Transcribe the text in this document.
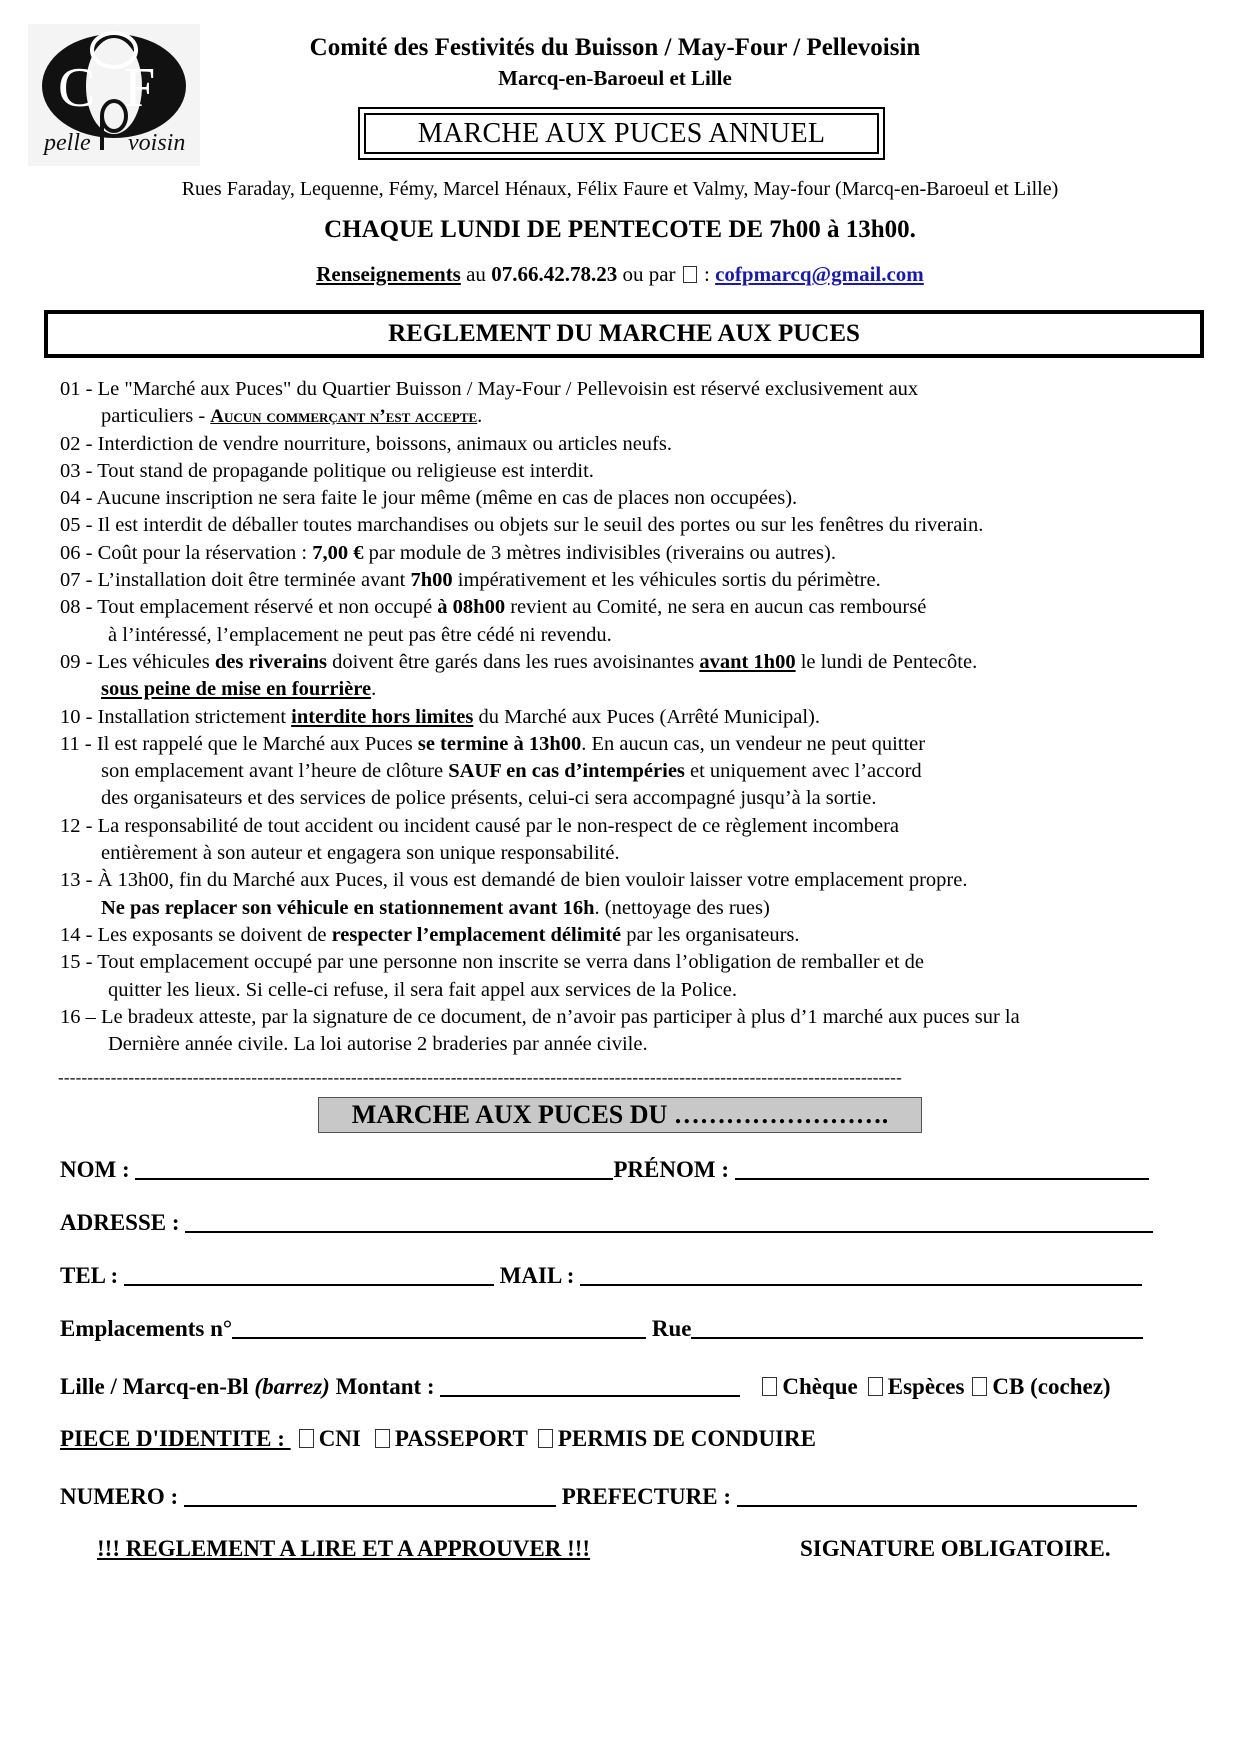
C F
pelle voisin
Comité des Festivités du Buisson / May-Four / Pellevoisin
Marcq-en-Baroeul et Lille
MARCHE AUX PUCES ANNUEL
Rues Faraday, Lequenne, Fémy, Marcel Hénaux, Félix Faure et Valmy, May-four (Marcq-en-Baroeul et Lille)
CHAQUE LUNDI DE PENTECOTE DE 7h00 à 13h00.
Renseignements au 07.66.42.78.23 ou par  : cofpmarcq@gmail.com
REGLEMENT DU MARCHE AUX PUCES
01 - Le "Marché aux Puces" du Quartier Buisson / May-Four / Pellevoisin est réservé exclusivement aux
particuliers - Aucun commerçant n’est accepte.
02 - Interdiction de vendre nourriture, boissons, animaux ou articles neufs.
03 - Tout stand de propagande politique ou religieuse est interdit.
04 - Aucune inscription ne sera faite le jour même (même en cas de places non occupées).
05 - Il est interdit de déballer toutes marchandises ou objets sur le seuil des portes ou sur les fenêtres du riverain.
06 - Coût pour la réservation : 7,00 € par module de 3 mètres indivisibles (riverains ou autres).
07 - L’installation doit être terminée avant 7h00 impérativement et les véhicules sortis du périmètre.
08 - Tout emplacement réservé et non occupé à 08h00 revient au Comité, ne sera en aucun cas remboursé
à l’intéressé, l’emplacement ne peut pas être cédé ni revendu.
09 - Les véhicules des riverains doivent être garés dans les rues avoisinantes avant 1h00 le lundi de Pentecôte.
sous peine de mise en fourrière.
10 - Installation strictement interdite hors limites du Marché aux Puces (Arrêté Municipal).
11 - Il est rappelé que le Marché aux Puces se termine à 13h00. En aucun cas, un vendeur ne peut quitter
son emplacement avant l’heure de clôture SAUF en cas d’intempéries et uniquement avec l’accord
des organisateurs et des services de police présents, celui-ci sera accompagné jusqu’à la sortie.
12 - La responsabilité de tout accident ou incident causé par le non-respect de ce règlement incombera
entièrement à son auteur et engagera son unique responsabilité.
13 - À 13h00, fin du Marché aux Puces, il vous est demandé de bien vouloir laisser votre emplacement propre.
Ne pas replacer son véhicule en stationnement avant 16h. (nettoyage des rues)
14 - Les exposants se doivent de respecter l’emplacement délimité par les organisateurs.
15 - Tout emplacement occupé par une personne non inscrite se verra dans l’obligation de remballer et de
quitter les lieux. Si celle-ci refuse, il sera fait appel aux services de la Police.
16 – Le bradeux atteste, par la signature de ce document, de n’avoir pas participer à plus d’1 marché aux puces sur la
Dernière année civile. La loi autorise 2 braderies par année civile.
------------------------------------------------------------------------------------------------------------------------------------------------
MARCHE AUX PUCES DU …………………….
NOM :	PRÉNOM :
ADRESSE :
TEL :	MAIL :
Emplacements n°	Rue
Lille / Marcq-en-Bl (barrez) Montant :	Chèque Espèces CB (cochez)
PIECE D'IDENTITE : CNI PASSEPORT PERMIS DE CONDUIRE
NUMERO :	PREFECTURE :
!!! REGLEMENT A LIRE ET A APPROUVER !!!	SIGNATURE OBLIGATOIRE.
